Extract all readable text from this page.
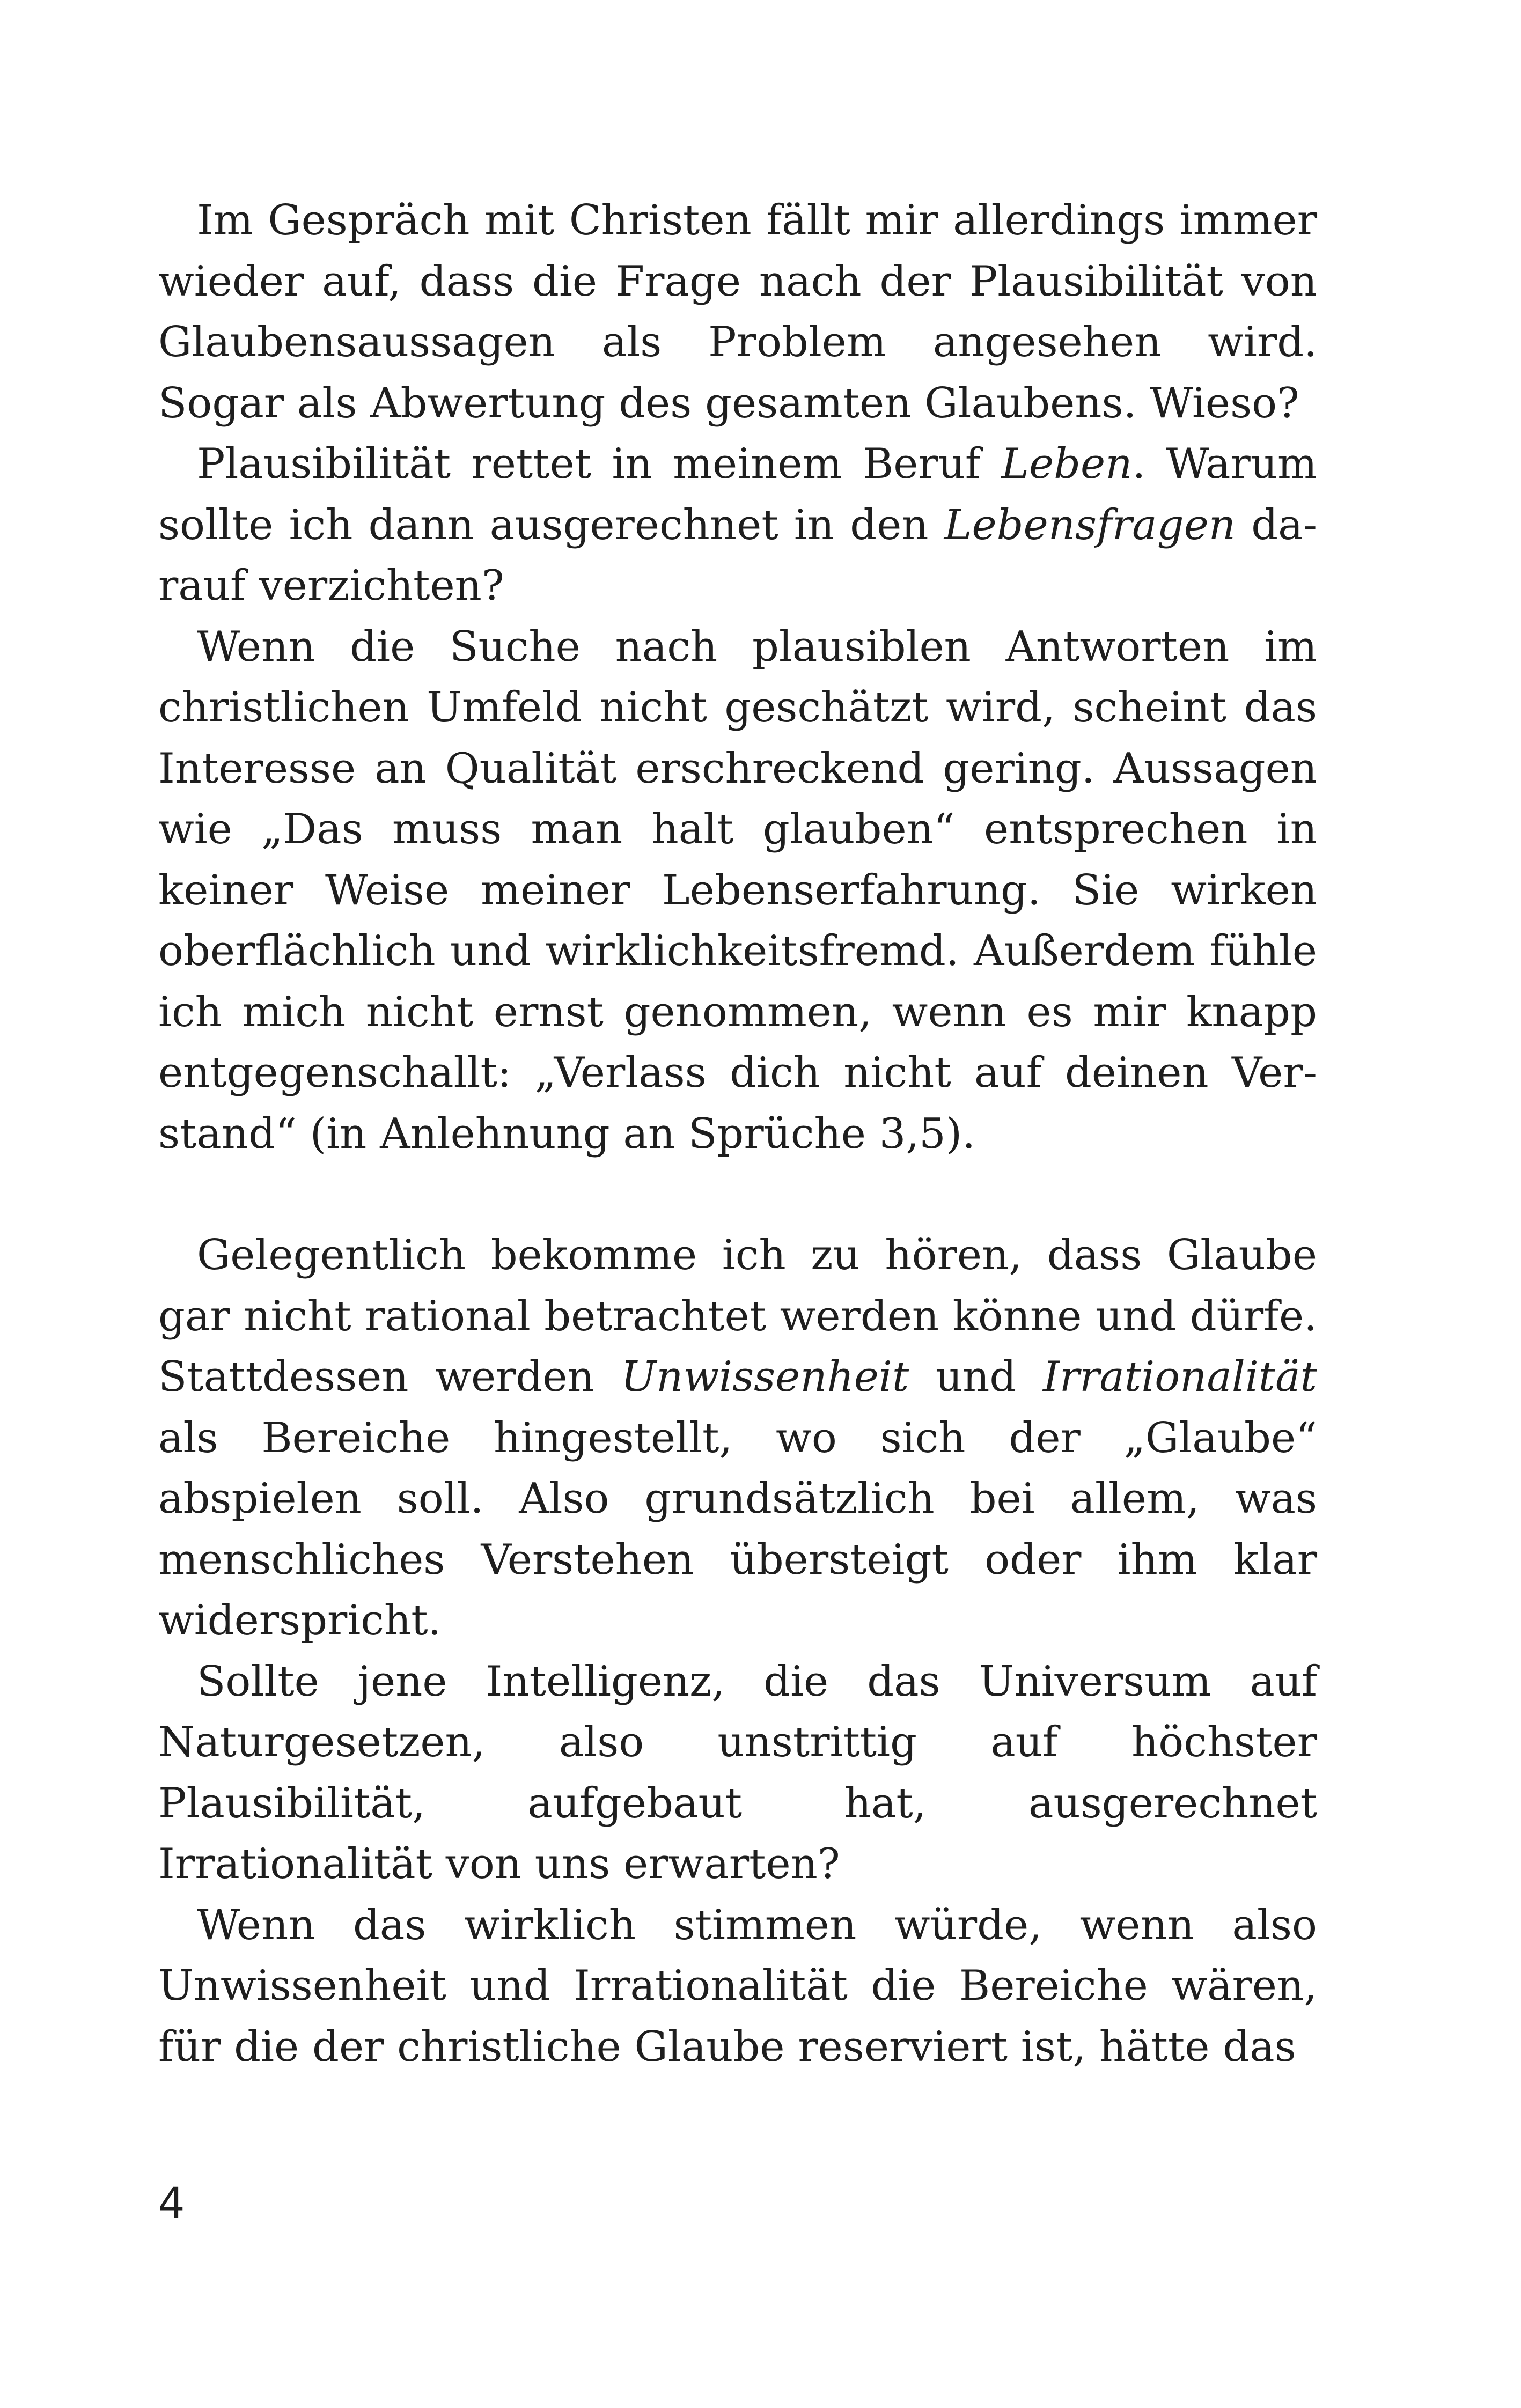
Im Gespräch mit Christen fällt mir allerdings immer wieder auf, dass die Frage nach der Plausibilität von Glaubensaussagen als Problem angesehen wird. Sogar als Abwertung des gesamten Glaubens. Wieso?

Plausibilität rettet in meinem Beruf Leben. Warum sollte ich dann ausgerechnet in den Lebensfragen darauf verzichten?

Wenn die Suche nach plausiblen Antworten im christlichen Umfeld nicht geschätzt wird, scheint das Interesse an Qualität erschreckend gering. Aussagen wie „Das muss man halt glauben“ entsprechen in keiner Weise meiner Lebenserfahrung. Sie wirken oberflächlich und wirklichkeitsfremd. Außerdem fühle ich mich nicht ernst genommen, wenn es mir knapp entgegenschallt: „Verlass dich nicht auf deinen Verstand“ (in Anlehnung an Sprüche 3,5).

Gelegentlich bekomme ich zu hören, dass Glaube gar nicht rational betrachtet werden könne und dürfe. Stattdessen werden Unwissenheit und Irrationalität als Bereiche hingestellt, wo sich der „Glaube“ abspielen soll. Also grundsätzlich bei allem, was menschliches Verstehen übersteigt oder ihm klar widerspricht.

Sollte jene Intelligenz, die das Universum auf Naturgesetzen, also unstrittig auf höchster Plausibilität, aufgebaut hat, ausgerechnet Irrationalität von uns erwarten?

Wenn das wirklich stimmen würde, wenn also Unwissenheit und Irrationalität die Bereiche wären, für die der christliche Glaube reserviert ist, hätte das

4
